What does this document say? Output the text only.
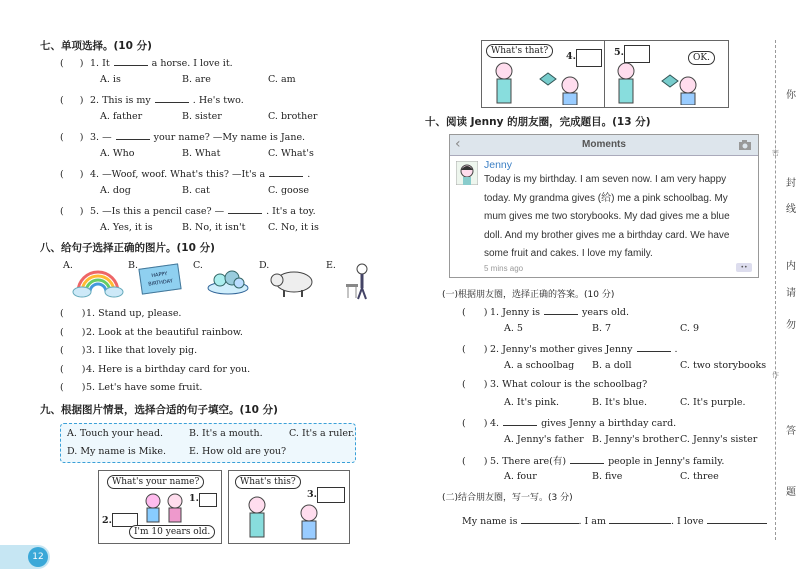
七、单项选择。(10 分)
( ) 1. It	a horse. I love it.
A. is	B. are	C. am
( ) 2. This is my	. He's two.
A. father	B. sister	C. brother
( ) 3. —	your name? —My name is Jane.
A. Who	B. What	C. What's
( ) 4. —Woof, woof. What's this? —It's a	.
A. dog	B. cat	C. goose
( ) 5. —Is this a pencil case? —	. It's a toy.
A. Yes, it is	B. No, it isn't C. No, it is
八、给句子选择正确的图片。(10 分)
A.	B.	C.	D.	E.
HAPPY BIRTHDAY
( )1. Stand up, please.
( )2. Look at the beautiful rainbow.
( )3. I like that lovely pig.
( )4. Here is a birthday card for you.
( )5. Let's have some fruit.
九、根据图片情景，选择合适的句子填空。(10 分)
A. Touch your head.	B. It's a mouth.	C. It's a ruler.
D. My name is Mike. E. How old are you?
What's your name?
1.
2.
I'm 10 years old.
What's this?
3.
12
What's that?	4.	5.	OK.
十、阅读 Jenny 的朋友圈，完成题目。(13 分)
‹	Moments
Jenny
Today is my birthday. I am seven now. I am very happy
today. My grandma gives (给) me a pink schoolbag. My
mum gives me two storybooks. My dad gives me a blue
doll. And my brother gives me a birthday card. We have
some fruit and cakes. I love my family.
5 mins ago	••
(一)根据朋友圈，选择正确的答案。(10 分)
( ) 1. Jenny is	years old.
A. 5	B. 7	C. 9
( ) 2. Jenny's mother gives Jenny	.
A. a schoolbag B. a doll	C. two storybooks
( ) 3. What colour is the schoolbag?
A. It's pink.	B. It's blue.	C. It's purple.
( ) 4.	gives Jenny a birthday card.
A. Jenny's father B. Jenny's brother C. Jenny's sister
( ) 5. There are(有)	people in Jenny's family.
A. four	B. five	C. three
(二)结合朋友圈，写一写。(3 分)
My name is	. I am	. I love
你
密
封
线
内
请
勿
作
答
题
